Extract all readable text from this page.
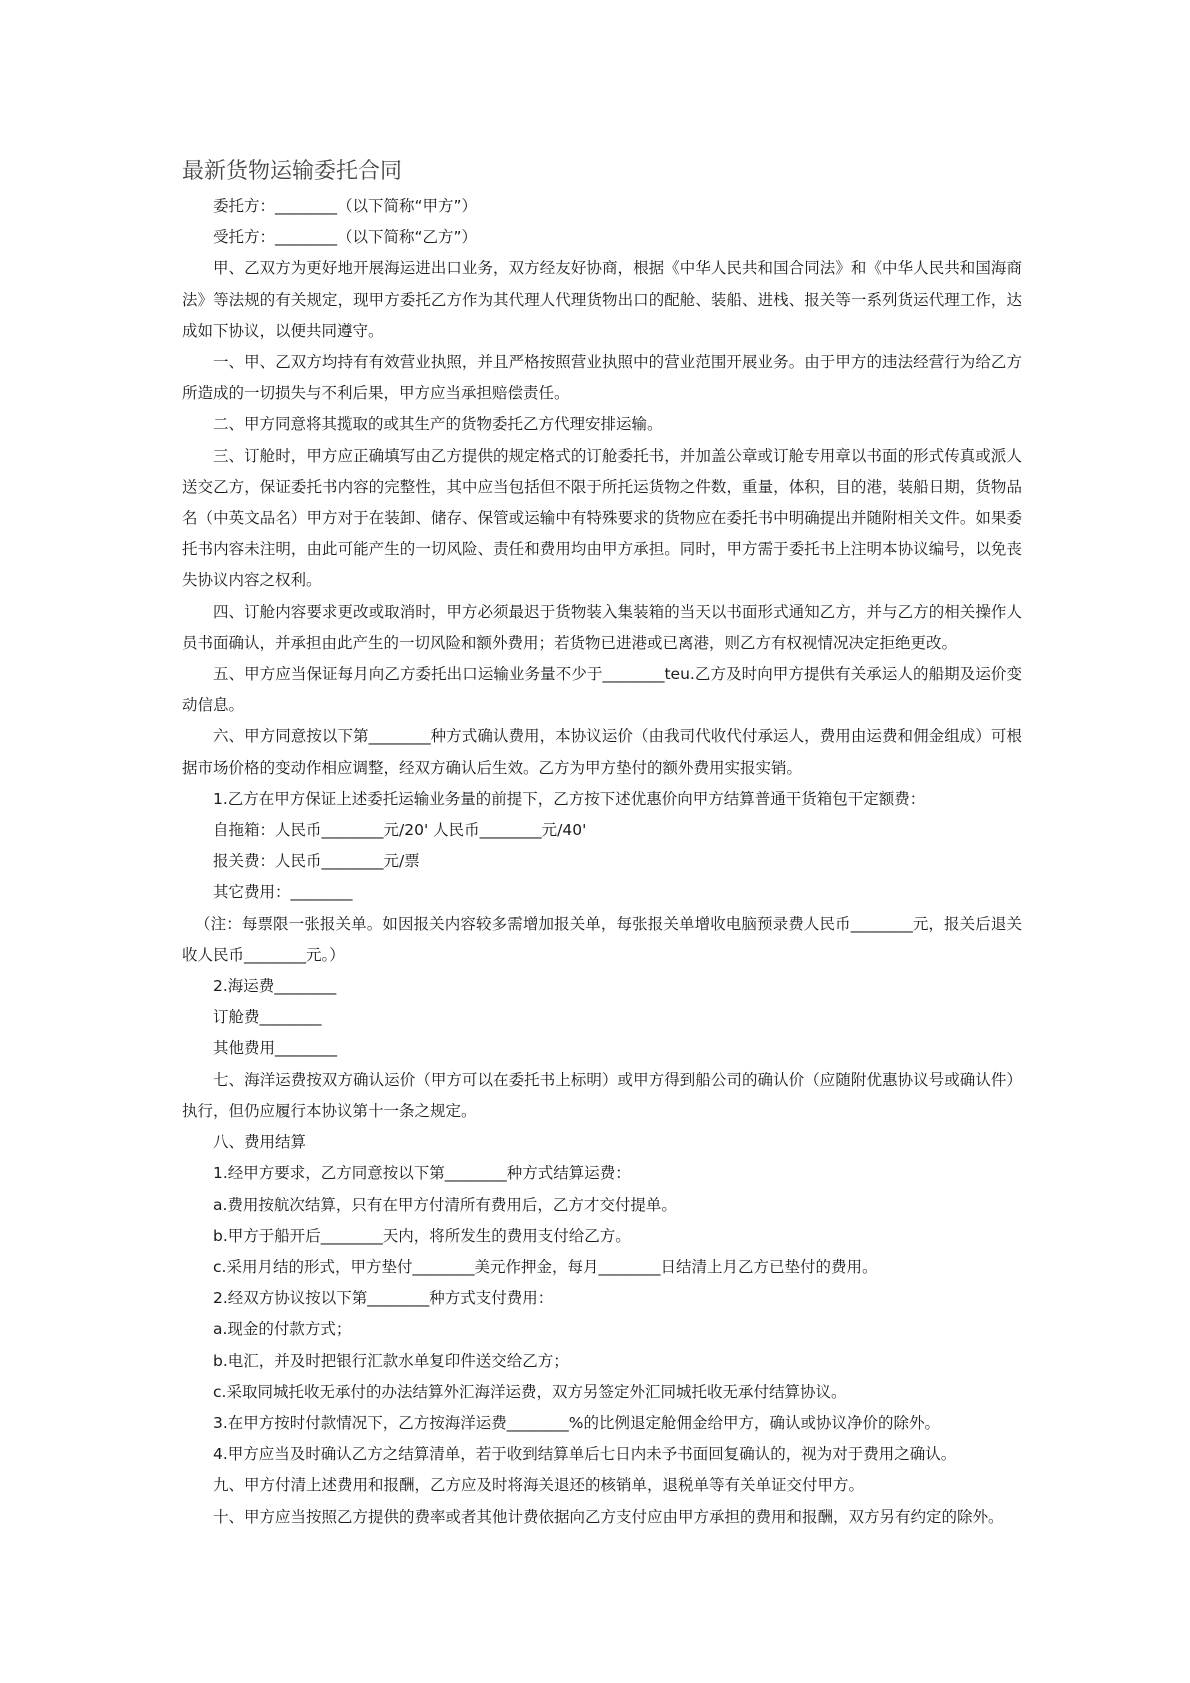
最新货物运输委托合同

委托方：________（以下简称“甲方”）

受托方：________（以下简称“乙方”）

甲、乙双方为更好地开展海运进出口业务，双方经友好协商，根据《中华人民共和国合同法》和《中华人民共和国海商法》等法规的有关规定，现甲方委托乙方作为其代理人代理货物出口的配舱、装船、进栈、报关等一系列货运代理工作，达成如下协议，以便共同遵守。

一、甲、乙双方均持有有效营业执照，并且严格按照营业执照中的营业范围开展业务。由于甲方的违法经营行为给乙方所造成的一切损失与不利后果，甲方应当承担赔偿责任。

二、甲方同意将其揽取的或其生产的货物委托乙方代理安排运输。

三、订舱时，甲方应正确填写由乙方提供的规定格式的订舱委托书，并加盖公章或订舱专用章以书面的形式传真或派人送交乙方，保证委托书内容的完整性，其中应当包括但不限于所托运货物之件数，重量，体积，目的港，装船日期，货物品名（中英文品名）甲方对于在装卸、储存、保管或运输中有特殊要求的货物应在委托书中明确提出并随附相关文件。如果委托书内容未注明，由此可能产生的一切风险、责任和费用均由甲方承担。同时，甲方需于委托书上注明本协议编号，以免丧失协议内容之权利。

四、订舱内容要求更改或取消时，甲方必须最迟于货物装入集装箱的当天以书面形式通知乙方，并与乙方的相关操作人员书面确认，并承担由此产生的一切风险和额外费用；若货物已进港或已离港，则乙方有权视情况决定拒绝更改。

五、甲方应当保证每月向乙方委托出口运输业务量不少于________teu.乙方及时向甲方提供有关承运人的船期及运价变动信息。

六、甲方同意按以下第________种方式确认费用，本协议运价（由我司代收代付承运人，费用由运费和佣金组成）可根据市场价格的变动作相应调整，经双方确认后生效。乙方为甲方垫付的额外费用实报实销。

1.乙方在甲方保证上述委托运输业务量的前提下，乙方按下述优惠价向甲方结算普通干货箱包干定额费：

自拖箱：人民币________元/20' 人民币________元/40'

报关费：人民币________元/票

其它费用：________

（注：每票限一张报关单。如因报关内容较多需增加报关单，每张报关单增收电脑预录费人民币________元，报关后退关收人民币________元。）

2.海运费________

订舱费________

其他费用________

七、海洋运费按双方确认运价（甲方可以在委托书上标明）或甲方得到船公司的确认价（应随附优惠协议号或确认件）执行，但仍应履行本协议第十一条之规定。

八、费用结算

1.经甲方要求，乙方同意按以下第________种方式结算运费：

a.费用按航次结算，只有在甲方付清所有费用后，乙方才交付提单。

b.甲方于船开后________天内，将所发生的费用支付给乙方。

c.采用月结的形式，甲方垫付________美元作押金，每月________日结清上月乙方已垫付的费用。

2.经双方协议按以下第________种方式支付费用：

a.现金的付款方式；

b.电汇，并及时把银行汇款水单复印件送交给乙方；

c.采取同城托收无承付的办法结算外汇海洋运费，双方另签定外汇同城托收无承付结算协议。

3.在甲方按时付款情况下，乙方按海洋运费________%的比例退定舱佣金给甲方，确认或协议净价的除外。

4.甲方应当及时确认乙方之结算清单，若于收到结算单后七日内未予书面回复确认的，视为对于费用之确认。

九、甲方付清上述费用和报酬，乙方应及时将海关退还的核销单，退税单等有关单证交付甲方。

十、甲方应当按照乙方提供的费率或者其他计费依据向乙方支付应由甲方承担的费用和报酬，双方另有约定的除外。
